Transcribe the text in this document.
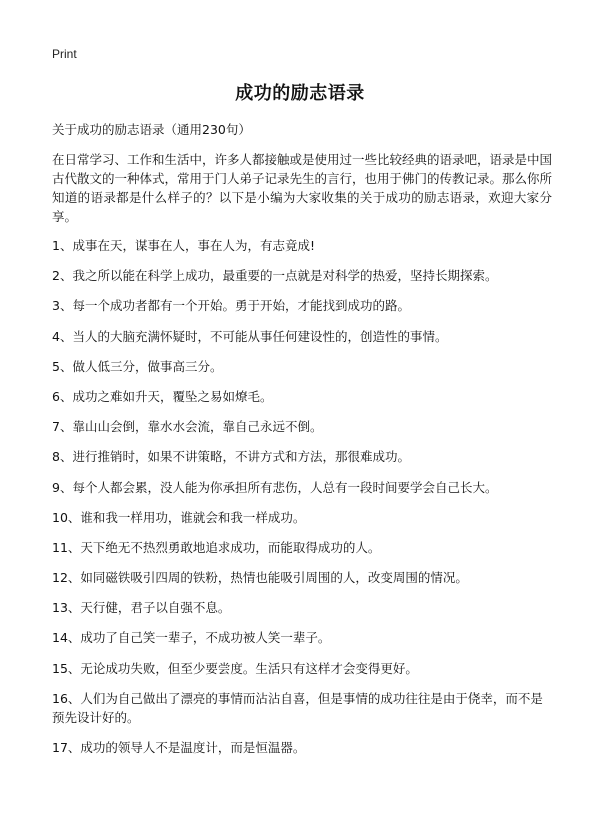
Print
成功的励志语录
关于成功的励志语录（通用230句）

在日常学习、工作和生活中，许多人都接触或是使用过一些比较经典的语录吧，语录是中国古代散文的一种体式，常用于门人弟子记录先生的言行，也用于佛门的传教记录。那么你所知道的语录都是什么样子的？以下是小编为大家收集的关于成功的励志语录，欢迎大家分享。

1、成事在天，谋事在人，事在人为，有志竟成!
2、我之所以能在科学上成功，最重要的一点就是对科学的热爱，坚持长期探索。
3、每一个成功者都有一个开始。勇于开始，才能找到成功的路。
4、当人的大脑充满怀疑时，不可能从事任何建设性的，创造性的事情。
5、做人低三分，做事高三分。
6、成功之难如升天，覆坠之易如燎毛。
7、靠山山会倒，靠水水会流，靠自己永远不倒。
8、进行推销时，如果不讲策略，不讲方式和方法，那很难成功。
9、每个人都会累，没人能为你承担所有悲伤，人总有一段时间要学会自己长大。
10、谁和我一样用功，谁就会和我一样成功。
11、天下绝无不热烈勇敢地追求成功，而能取得成功的人。
12、如同磁铁吸引四周的铁粉，热情也能吸引周围的人，改变周围的情况。
13、天行健，君子以自强不息。
14、成功了自己笑一辈子，不成功被人笑一辈子。
15、无论成功失败，但至少要尝度。生活只有这样才会变得更好。
16、人们为自己做出了漂亮的事情而沾沾自喜，但是事情的成功往往是由于侥幸，而不是预先设计好的。
17、成功的领导人不是温度计，而是恒温器。
